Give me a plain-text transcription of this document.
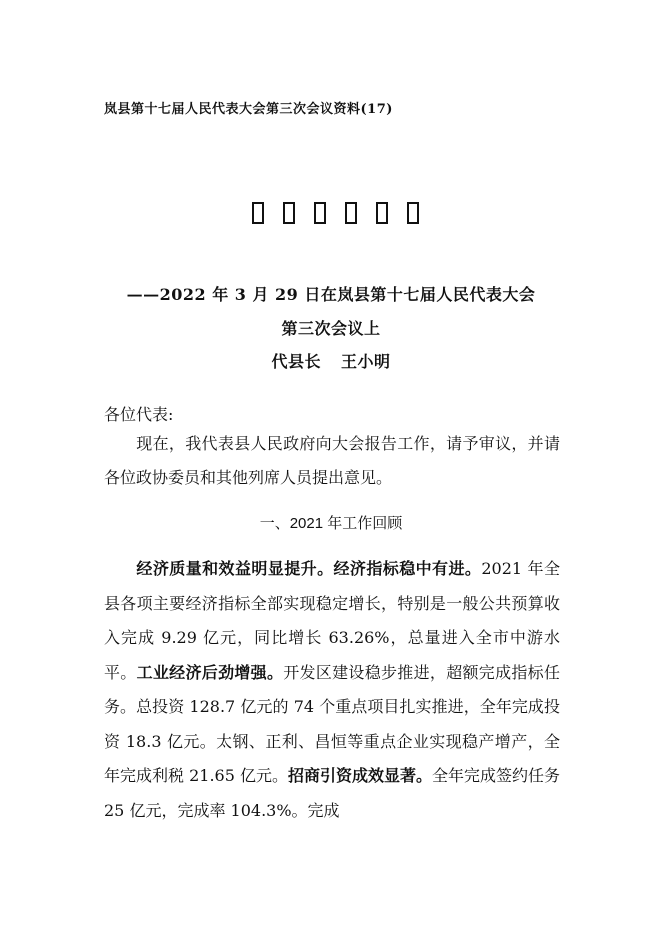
岚县第十七届人民代表大会第三次会议资料(17)
——2022 年 3 月 29 日在岚县第十七届人民代表大会
第三次会议上
代县长 王小明
各位代表:
现在，我代表县人民政府向大会报告工作，请予审议，并请各位政协委员和其他列席人员提出意见。
一、2021 年工作回顾
经济质量和效益明显提升。经济指标稳中有进。2021 年全县各项主要经济指标全部实现稳定增长，特别是一般公共预算收入完成 9.29 亿元，同比增长 63.26%，总量进入全市中游水平。工业经济后劲增强。开发区建设稳步推进，超额完成指标任务。总投资 128.7 亿元的 74 个重点项目扎实推进，全年完成投资 18.3 亿元。太钢、正利、昌恒等重点企业实现稳产增产，全年完成利税 21.65 亿元。招商引资成效显著。全年完成签约任务 25 亿元，完成率 104.3%。完成
